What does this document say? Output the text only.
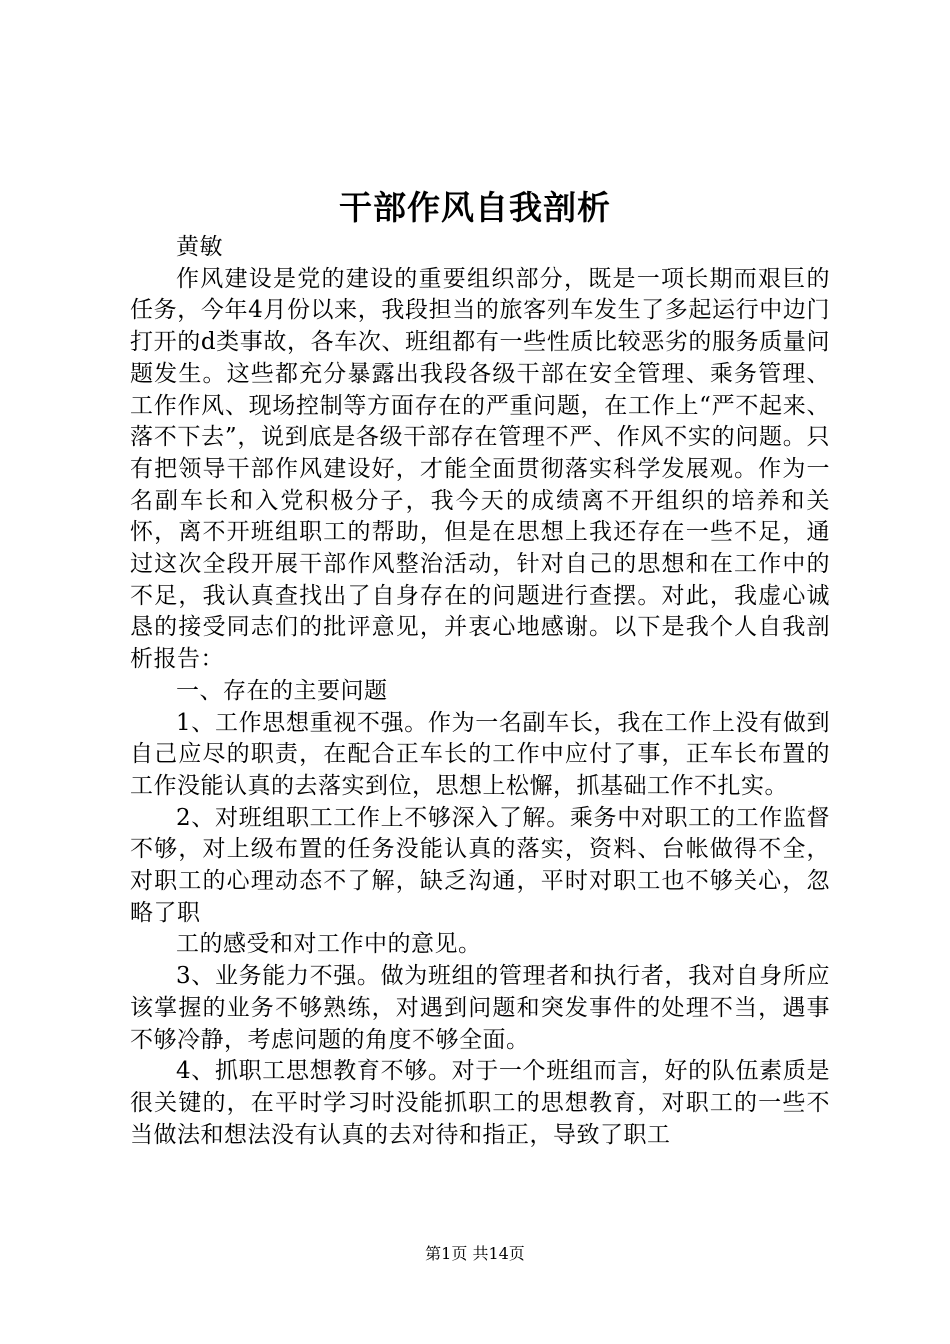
干部作风自我剖析

黄敏

作风建设是党的建设的重要组织部分，既是一项长期而艰巨的任务，今年4月份以来，我段担当的旅客列车发生了多起运行中边门打开的d类事故，各车次、班组都有一些性质比较恶劣的服务质量问题发生。这些都充分暴露出我段各级干部在安全管理、乘务管理、工作作风、现场控制等方面存在的严重问题，在工作上“严不起来、落不下去”，说到底是各级干部存在管理不严、作风不实的问题。只有把领导干部作风建设好，才能全面贯彻落实科学发展观。作为一名副车长和入党积极分子，我今天的成绩离不开组织的培养和关怀，离不开班组职工的帮助，但是在思想上我还存在一些不足，通过这次全段开展干部作风整治活动，针对自己的思想和在工作中的不足，我认真查找出了自身存在的问题进行查摆。对此，我虚心诚恳的接受同志们的批评意见，并衷心地感谢。以下是我个人自我剖析报告：

一、存在的主要问题

1、工作思想重视不强。作为一名副车长，我在工作上没有做到自己应尽的职责，在配合正车长的工作中应付了事，正车长布置的工作没能认真的去落实到位，思想上松懈，抓基础工作不扎实。

2、对班组职工工作上不够深入了解。乘务中对职工的工作监督不够，对上级布置的任务没能认真的落实，资料、台帐做得不全，对职工的心理动态不了解，缺乏沟通，平时对职工也不够关心，忽略了职

工的感受和对工作中的意见。

3、业务能力不强。做为班组的管理者和执行者，我对自身所应该掌握的业务不够熟练，对遇到问题和突发事件的处理不当，遇事不够冷静，考虑问题的角度不够全面。

4、抓职工思想教育不够。对于一个班组而言，好的队伍素质是很关键的，在平时学习时没能抓职工的思想教育，对职工的一些不当做法和想法没有认真的去对待和指正，导致了职工

第1页 共14页
